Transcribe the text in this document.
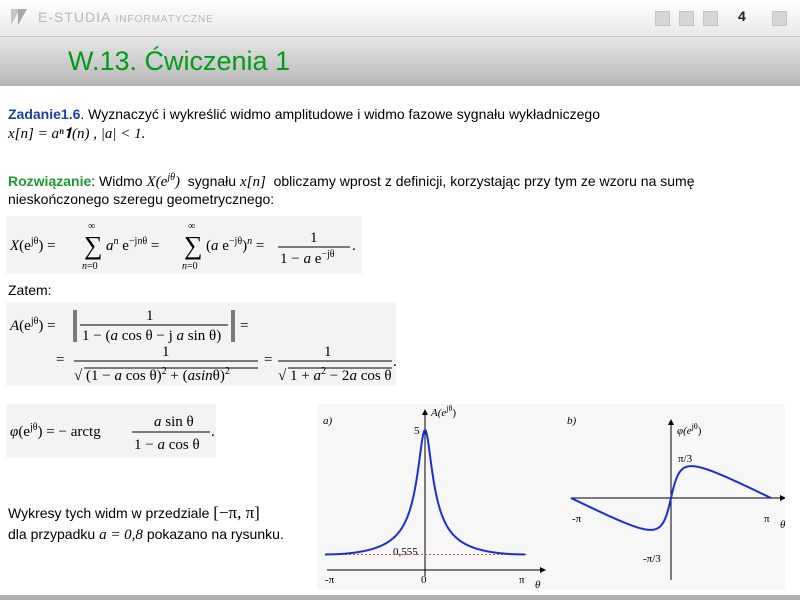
E-STUDIA INFORMATYCZNE	4
W.13. Ćwiczenia 1
Zadanie1.6. Wyznaczyć i wykreślić widmo amplitudowe i widmo fazowe sygnału wykładniczego
x[n] = aⁿ𝟏(n) , |a| < 1.
Rozwiązanie: Widmo $X(e^{j\theta})$ sygnału x[n] obliczamy wprost z definicji, korzystając przy tym ze wzoru na sumę
nieskończonego szeregu geometrycznego:
$X(e^{j\theta})$ = ∑
∞
n=0
$a^n$ $e^{-jn\theta}$ = ∑
∞
n=0
(a $e^{-j\theta})^n$ =	1
1 − a $e^{-j\theta}$
.
Zatem:
$A(e^{j\theta})$ =
1
1 − (a cos θ − j a sin θ)
=
=	1
√ (1 − a $\cos \theta)^2 + (asin\theta)^2$
=	1
√ $1 + a^2 - 2a$ cos θ
.
$\varphi(e^{j\theta})$ = − arctg
a sin θ
1 − a cos θ
.
Wykresy tych widm w przedziale [−π, π]
dla przypadku a = 0,8 pokazano na rysunku.
a)
$A(e^{j\theta})$
5
0,555
-π	0	π θ
b)
$\varphi(e^{j\theta})$
π/3
-π/3
-π	π θ
